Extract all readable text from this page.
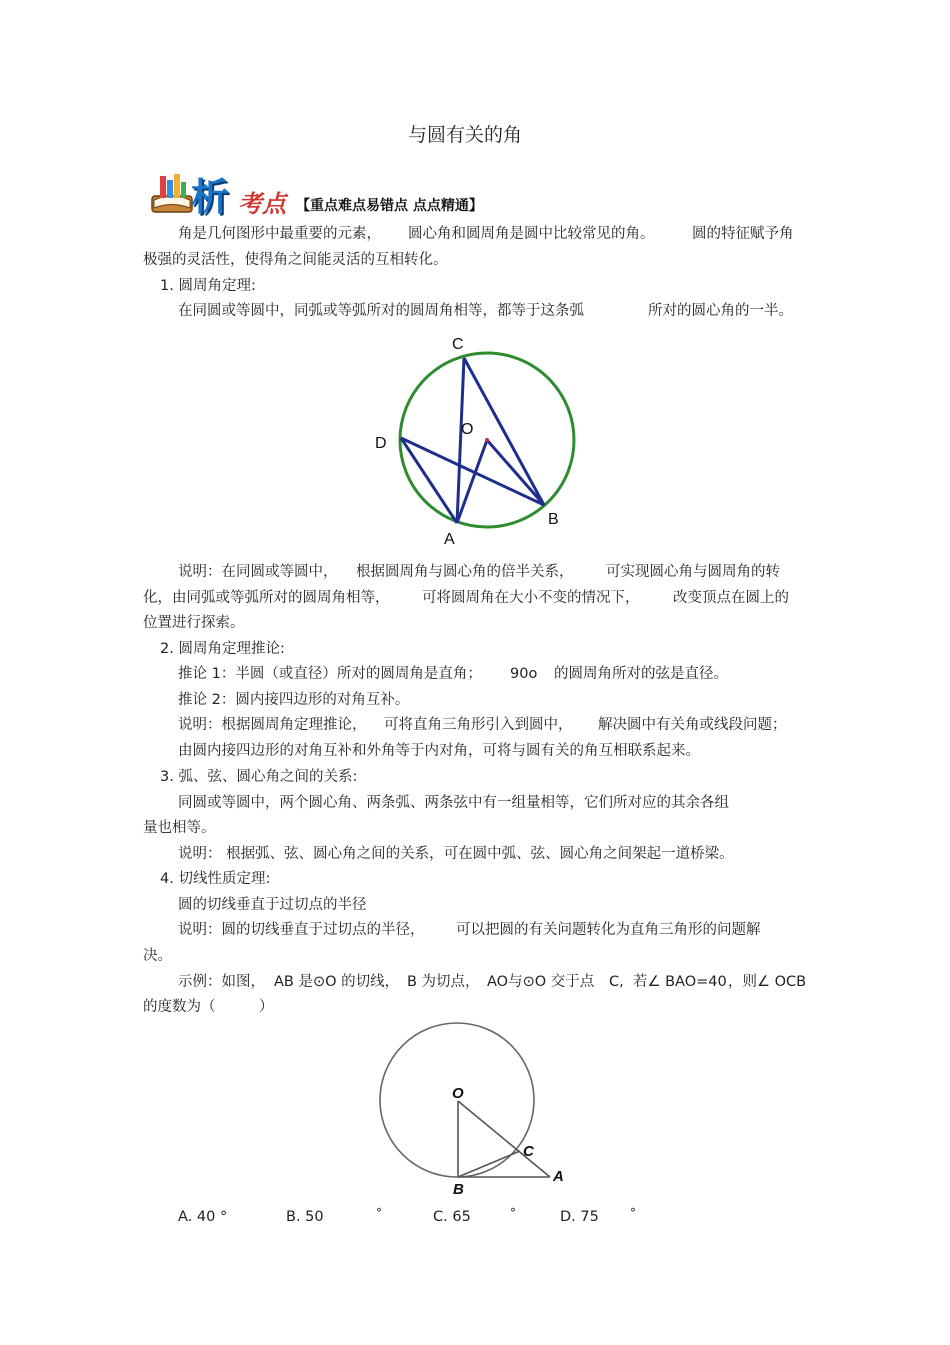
与圆有关的角
析 考点 【重点难点易错点 点点精通】
角是几何图形中最重要的元素， 圆心角和圆周角是圆中比较常见的角。	圆的特征赋予角
极强的灵活性，使得角之间能灵活的互相转化。
1. 圆周角定理:
在同圆或等圆中，同弧或等弧所对的圆周角相等，都等于这条弧	所对的圆心角的一半。
C
O
D
B
A
说明：在同圆或等圆中， 根据圆周角与圆心角的倍半关系， 可实现圆心角与圆周角的转
化，由同弧或等弧所对的圆周角相等， 可将圆周角在大小不变的情况下， 改变顶点在圆上的
位置进行探索。
2. 圆周角定理推论:
推论 1：半圆（或直径）所对的圆周角是直角； 90o 的圆周角所对的弦是直径。
推论 2：圆内接四边形的对角互补。
说明：根据圆周角定理推论， 可将直角三角形引入到圆中， 解决圆中有关角或线段问题；
由圆内接四边形的对角互补和外角等于内对角，可将与圆有关的角互相联系起来。
3. 弧、弦、圆心角之间的关系:
同圆或等圆中，两个圆心角、两条弧、两条弦中有一组量相等，它们所对应的其余各组
量也相等。
说明： 根据弧、弦、圆心角之间的关系，可在圆中弧、弦、圆心角之间架起一道桥梁。
4. 切线性质定理:
圆的切线垂直于过切点的半径
说明：圆的切线垂直于过切点的半径， 可以把圆的有关问题转化为直角三角形的问题解
决。
示例：如图， AB 是⊙O 的切线， B 为切点， AO与⊙O 交于点 C, 若∠ BAO=40 ，则∠ OCB
的度数为（　　　）
O
C
B
A
A. 40 °	B. 50	°	C. 65	°	D. 75	°
